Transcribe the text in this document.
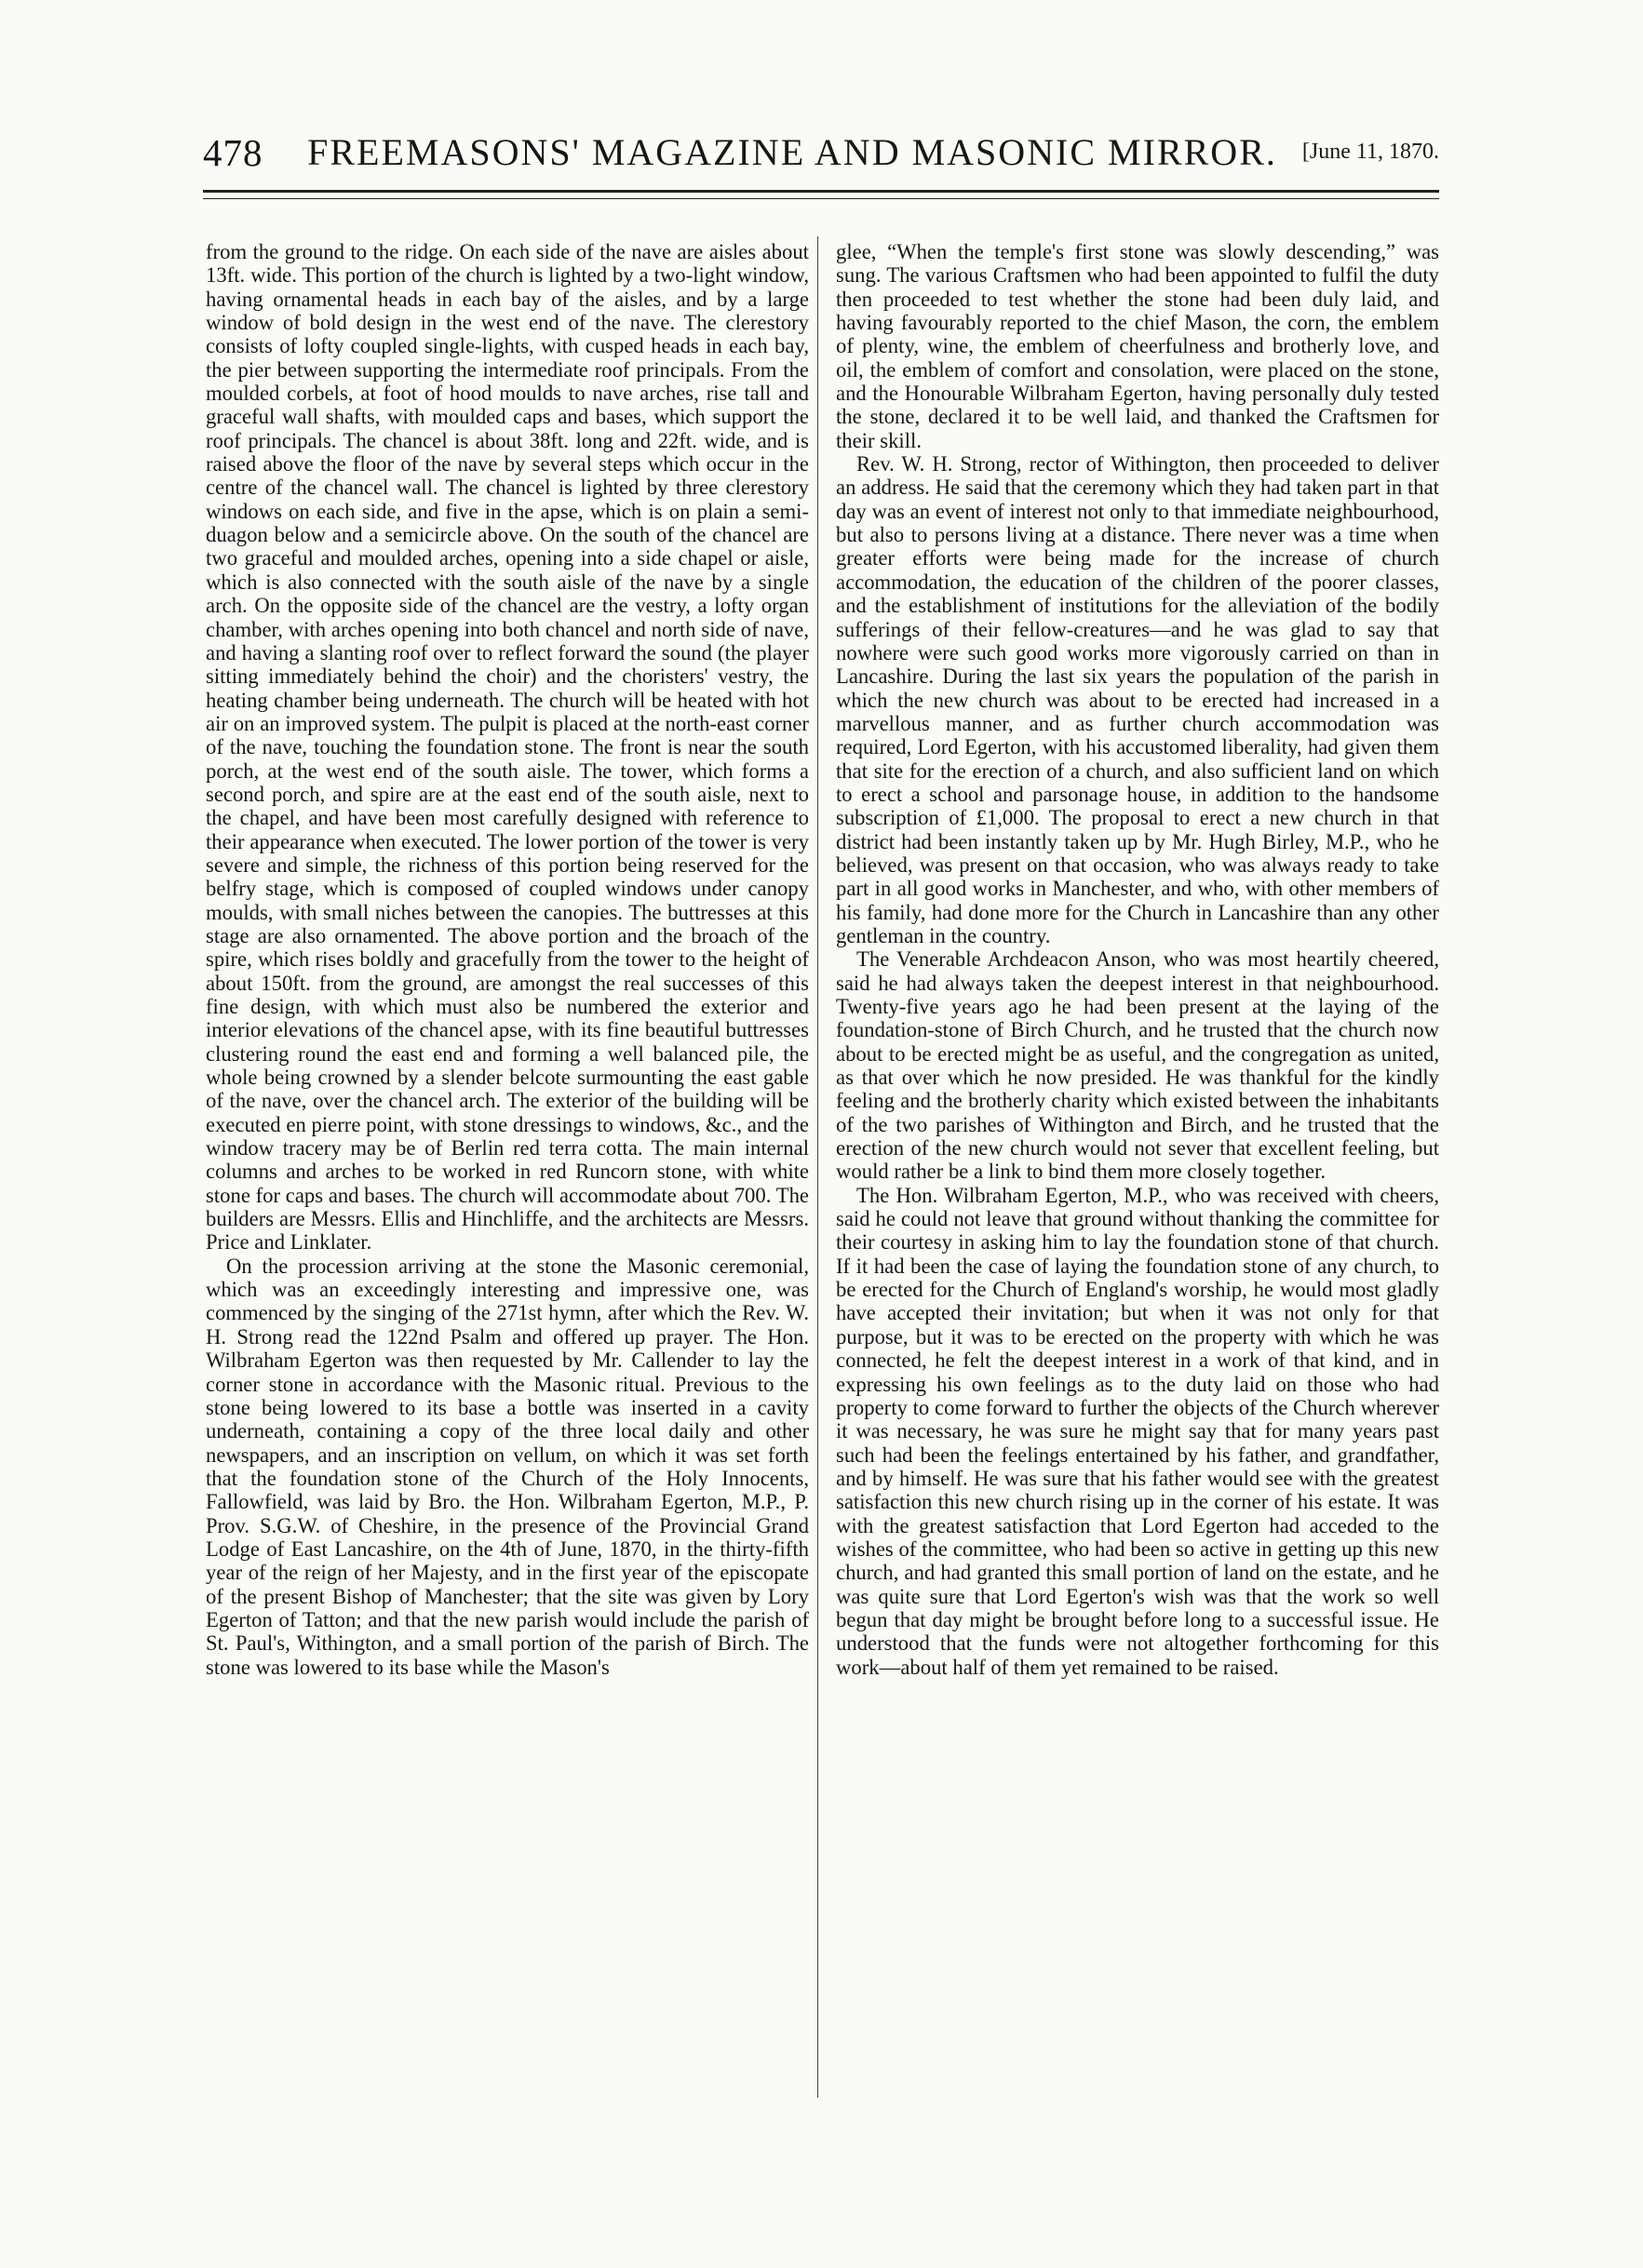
478	FREEMASONS' MAGAZINE AND MASONIC MIRROR.	[June 11, 1870.

from the ground to the ridge. On each side of the nave are aisles about 13ft. wide. This portion of the church is lighted by a two-light window, having ornamental heads in each bay of the aisles, and by a large window of bold design in the west end of the nave. The clerestory consists of lofty coupled single-lights, with cusped heads in each bay, the pier between supporting the intermediate roof principals. From the moulded corbels, at foot of hood moulds to nave arches, rise tall and graceful wall shafts, with moulded caps and bases, which support the roof principals. The chancel is about 38ft. long and 22ft. wide, and is raised above the floor of the nave by several steps which occur in the centre of the chancel wall. The chancel is lighted by three clerestory windows on each side, and five in the apse, which is on plain a semi-duagon below and a semicircle above. On the south of the chancel are two graceful and moulded arches, opening into a side chapel or aisle, which is also connected with the south aisle of the nave by a single arch. On the opposite side of the chancel are the vestry, a lofty organ chamber, with arches opening into both chancel and north side of nave, and having a slanting roof over to reflect forward the sound (the player sitting immediately behind the choir) and the choristers' vestry, the heating chamber being underneath. The church will be heated with hot air on an improved system. The pulpit is placed at the north-east corner of the nave, touching the foundation stone. The front is near the south porch, at the west end of the south aisle. The tower, which forms a second porch, and spire are at the east end of the south aisle, next to the chapel, and have been most carefully designed with reference to their appearance when executed. The lower portion of the tower is very severe and simple, the richness of this portion being reserved for the belfry stage, which is composed of coupled windows under canopy moulds, with small niches between the canopies. The buttresses at this stage are also ornamented. The above portion and the broach of the spire, which rises boldly and gracefully from the tower to the height of about 150ft. from the ground, are amongst the real successes of this fine design, with which must also be numbered the exterior and interior elevations of the chancel apse, with its fine beautiful buttresses clustering round the east end and forming a well balanced pile, the whole being crowned by a slender belcote surmounting the east gable of the nave, over the chancel arch. The exterior of the building will be executed en pierre point, with stone dressings to windows, &c., and the window tracery may be of Berlin red terra cotta. The main internal columns and arches to be worked in red Runcorn stone, with white stone for caps and bases. The church will accommodate about 700. The builders are Messrs. Ellis and Hinchliffe, and the architects are Messrs. Price and Linklater.

On the procession arriving at the stone the Masonic ceremonial, which was an exceedingly interesting and impressive one, was commenced by the singing of the 271st hymn, after which the Rev. W. H. Strong read the 122nd Psalm and offered up prayer. The Hon. Wilbraham Egerton was then requested by Mr. Callender to lay the corner stone in accordance with the Masonic ritual. Previous to the stone being lowered to its base a bottle was inserted in a cavity underneath, containing a copy of the three local daily and other newspapers, and an inscription on vellum, on which it was set forth that the foundation stone of the Church of the Holy Innocents, Fallowfield, was laid by Bro. the Hon. Wilbraham Egerton, M.P., P. Prov. S.G.W. of Cheshire, in the presence of the Provincial Grand Lodge of East Lancashire, on the 4th of June, 1870, in the thirty-fifth year of the reign of her Majesty, and in the first year of the episcopate of the present Bishop of Manchester; that the site was given by Lory Egerton of Tatton; and that the new parish would include the parish of St. Paul's, Withington, and a small portion of the parish of Birch. The stone was lowered to its base while the Mason's

glee, “When the temple's first stone was slowly descending,” was sung. The various Craftsmen who had been appointed to fulfil the duty then proceeded to test whether the stone had been duly laid, and having favourably reported to the chief Mason, the corn, the emblem of plenty, wine, the emblem of cheerfulness and brotherly love, and oil, the emblem of comfort and consolation, were placed on the stone, and the Honourable Wilbraham Egerton, having personally duly tested the stone, declared it to be well laid, and thanked the Craftsmen for their skill.

Rev. W. H. Strong, rector of Withington, then proceeded to deliver an address. He said that the ceremony which they had taken part in that day was an event of interest not only to that immediate neighbourhood, but also to persons living at a distance. There never was a time when greater efforts were being made for the increase of church accommodation, the education of the children of the poorer classes, and the establishment of institutions for the alleviation of the bodily sufferings of their fellow-creatures—and he was glad to say that nowhere were such good works more vigorously carried on than in Lancashire. During the last six years the population of the parish in which the new church was about to be erected had increased in a marvellous manner, and as further church accommodation was required, Lord Egerton, with his accustomed liberality, had given them that site for the erection of a church, and also sufficient land on which to erect a school and parsonage house, in addition to the handsome subscription of £1,000. The proposal to erect a new church in that district had been instantly taken up by Mr. Hugh Birley, M.P., who he believed, was present on that occasion, who was always ready to take part in all good works in Manchester, and who, with other members of his family, had done more for the Church in Lancashire than any other gentleman in the country.

The Venerable Archdeacon Anson, who was most heartily cheered, said he had always taken the deepest interest in that neighbourhood. Twenty-five years ago he had been present at the laying of the foundation-stone of Birch Church, and he trusted that the church now about to be erected might be as useful, and the congregation as united, as that over which he now presided. He was thankful for the kindly feeling and the brotherly charity which existed between the inhabitants of the two parishes of Withington and Birch, and he trusted that the erection of the new church would not sever that excellent feeling, but would rather be a link to bind them more closely together.

The Hon. Wilbraham Egerton, M.P., who was received with cheers, said he could not leave that ground without thanking the committee for their courtesy in asking him to lay the foundation stone of that church. If it had been the case of laying the foundation stone of any church, to be erected for the Church of England's worship, he would most gladly have accepted their invitation; but when it was not only for that purpose, but it was to be erected on the property with which he was connected, he felt the deepest interest in a work of that kind, and in expressing his own feelings as to the duty laid on those who had property to come forward to further the objects of the Church wherever it was necessary, he was sure he might say that for many years past such had been the feelings entertained by his father, and grandfather, and by himself. He was sure that his father would see with the greatest satisfaction this new church rising up in the corner of his estate. It was with the greatest satisfaction that Lord Egerton had acceded to the wishes of the committee, who had been so active in getting up this new church, and had granted this small portion of land on the estate, and he was quite sure that Lord Egerton's wish was that the work so well begun that day might be brought before long to a successful issue. He understood that the funds were not altogether forthcoming for this work—about half of them yet remained to be raised.
